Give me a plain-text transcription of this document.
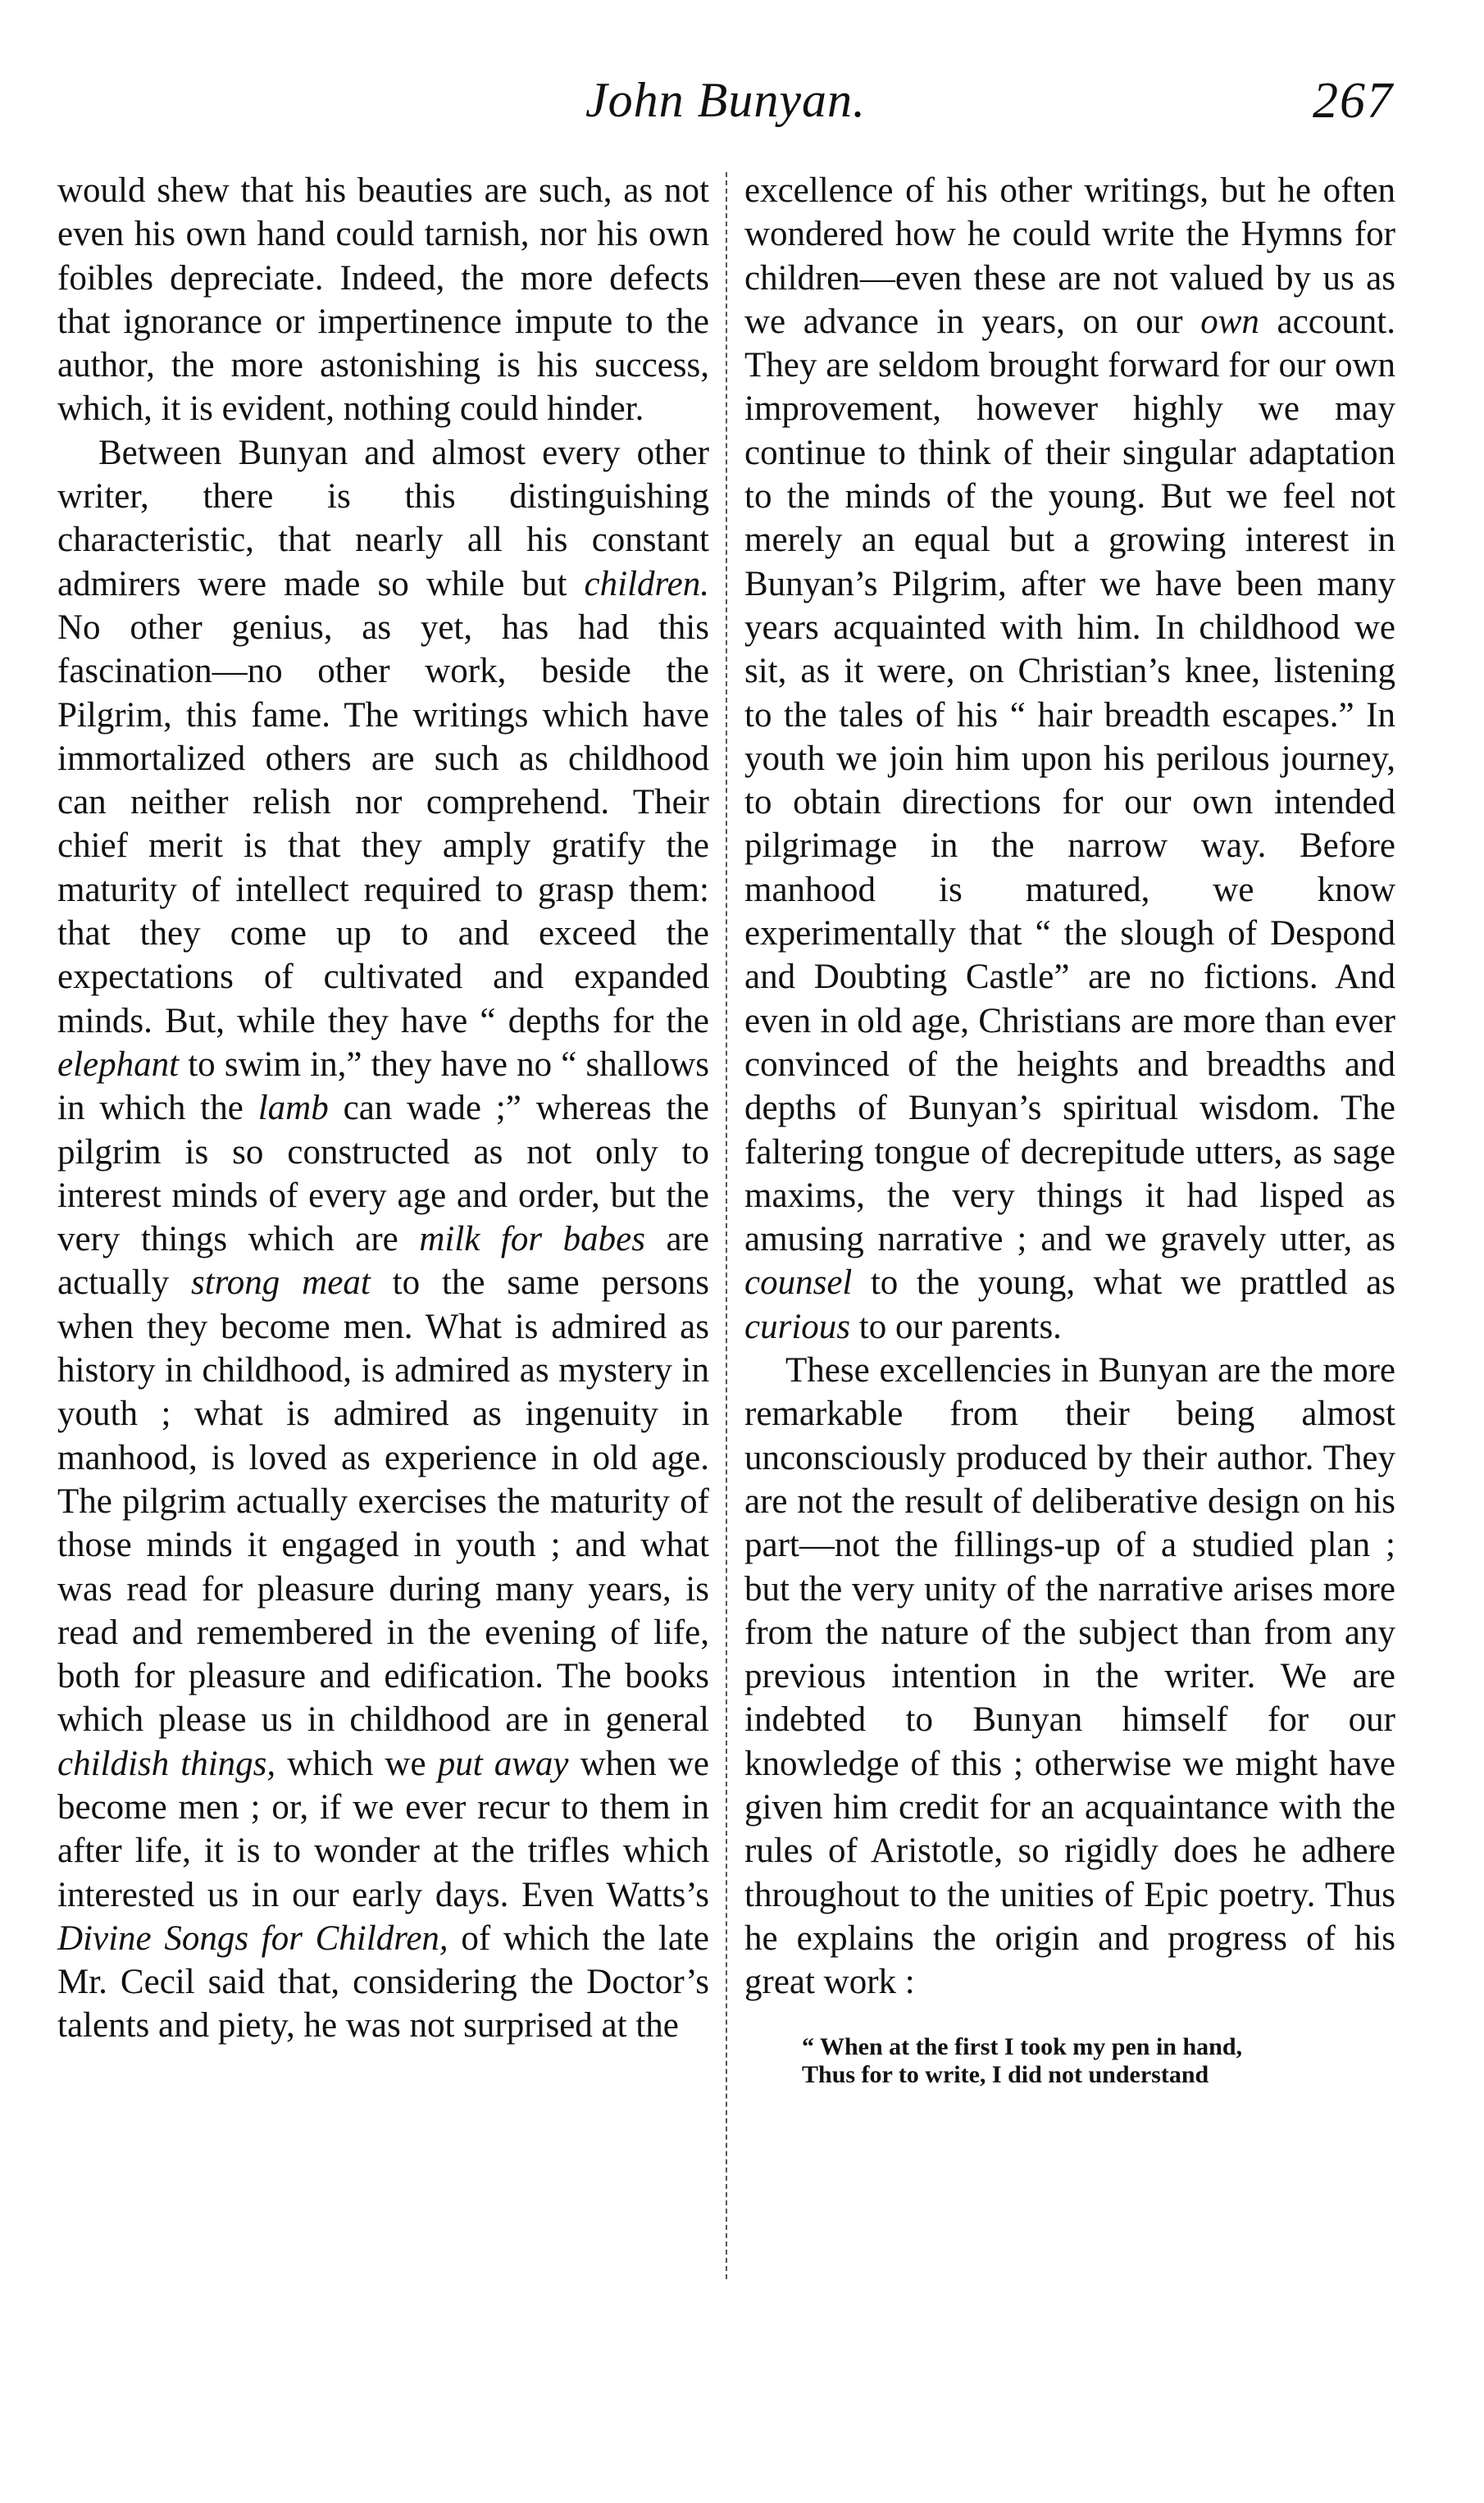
John Bunyan.	267

would shew that his beauties are such, as not even his own hand could tarnish, nor his own foibles depreciate. Indeed, the more defects that ignorance or impertinence impute to the author, the more astonishing is his success, which, it is evident, nothing could hinder.

Between Bunyan and almost every other writer, there is this distinguishing characteristic, that nearly all his constant admirers were made so while but children. No other genius, as yet, has had this fascination—no other work, beside the Pilgrim, this fame. The writings which have immortalized others are such as childhood can neither relish nor comprehend. Their chief merit is that they amply gratify the maturity of intellect required to grasp them: that they come up to and exceed the expectations of cultivated and expanded minds. But, while they have “ depths for the elephant to swim in,” they have no “ shallows in which the lamb can wade ;” whereas the pilgrim is so constructed as not only to interest minds of every age and order, but the very things which are milk for babes are actually strong meat to the same persons when they become men. What is admired as history in childhood, is admired as mystery in youth ; what is admired as ingenuity in manhood, is loved as experience in old age. The pilgrim actually exercises the maturity of those minds it engaged in youth ; and what was read for pleasure during many years, is read and remembered in the evening of life, both for pleasure and edification. The books which please us in childhood are in general childish things, which we put away when we become men ; or, if we ever recur to them in after life, it is to wonder at the trifles which interested us in our early days. Even Watts’s Divine Songs for Children, of which the late Mr. Cecil said that, considering the Doctor’s talents and piety, he was not surprised at the

excellence of his other writings, but he often wondered how he could write the Hymns for children—even these are not valued by us as we advance in years, on our own account. They are seldom brought forward for our own improvement, however highly we may continue to think of their singular adaptation to the minds of the young. But we feel not merely an equal but a growing interest in Bunyan’s Pilgrim, after we have been many years acquainted with him. In childhood we sit, as it were, on Christian’s knee, listening to the tales of his “ hair breadth escapes.” In youth we join him upon his perilous journey, to obtain directions for our own intended pilgrimage in the narrow way. Before manhood is matured, we know experimentally that “ the slough of Despond and Doubting Castle” are no fictions. And even in old age, Christians are more than ever convinced of the heights and breadths and depths of Bunyan’s spiritual wisdom. The faltering tongue of decrepitude utters, as sage maxims, the very things it had lisped as amusing narrative ; and we gravely utter, as counsel to the young, what we prattled as curious to our parents.

These excellencies in Bunyan are the more remarkable from their being almost unconsciously produced by their author. They are not the result of deliberative design on his part—not the fillings-up of a studied plan ; but the very unity of the narrative arises more from the nature of the subject than from any previous intention in the writer. We are indebted to Bunyan himself for our knowledge of this ; otherwise we might have given him credit for an acquaintance with the rules of Aristotle, so rigidly does he adhere throughout to the unities of Epic poetry. Thus he explains the origin and progress of his great work :

“ When at the first I took my pen in hand,
Thus for to write, I did not understand
